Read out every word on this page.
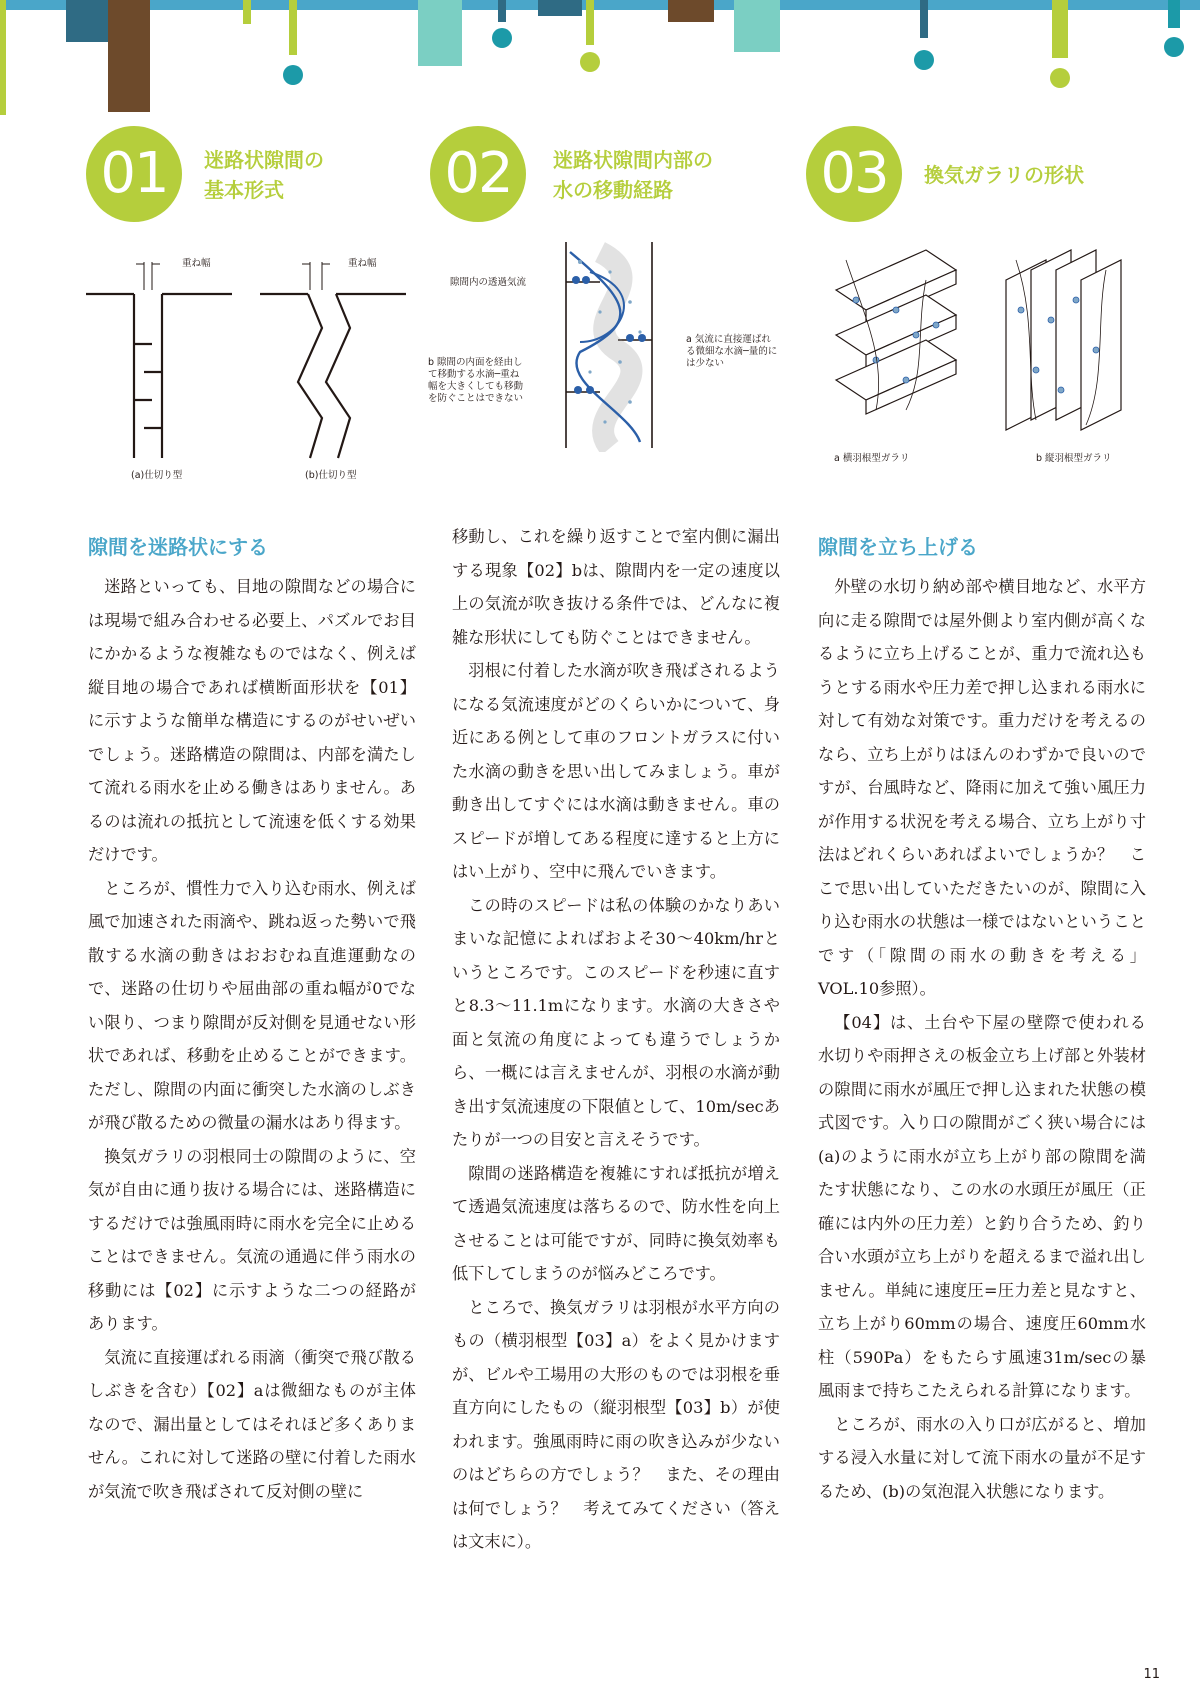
01	迷路状隙間の
基本形式	02	迷路状隙間内部の
水の移動経路	03	換気ガラリの形状
重ね幅	重ね幅
(a)仕切り型	(b)仕切り型
隙間内の透過気流
b 隙間の内面を経由して移動する水滴─重ね幅を大きくしても移動を防ぐことはできない
a 気流に直接運ばれる微細な水滴─量的には少ない
a 横羽根型ガラリ	b 縦羽根型ガラリ
隙間を迷路状にする

迷路といっても、目地の隙間などの場合には現場で組み合わせる必要上、パズルでお目にかかるような複雑なものではなく、例えば縦目地の場合であれば横断面形状を【01】に示すような簡単な構造にするのがせいぜいでしょう。迷路構造の隙間は、内部を満たして流れる雨水を止める働きはありません。あるのは流れの抵抗として流速を低くする効果だけです。

ところが、慣性力で入り込む雨水、例えば風で加速された雨滴や、跳ね返った勢いで飛散する水滴の動きはおおむね直進運動なので、迷路の仕切りや屈曲部の重ね幅が0でない限り、つまり隙間が反対側を見通せない形状であれば、移動を止めることができます。ただし、隙間の内面に衝突した水滴のしぶきが飛び散るための微量の漏水はあり得ます。

換気ガラリの羽根同士の隙間のように、空気が自由に通り抜ける場合には、迷路構造にするだけでは強風雨時に雨水を完全に止めることはできません。気流の通過に伴う雨水の移動には【02】に示すような二つの経路があります。

気流に直接運ばれる雨滴（衝突で飛び散るしぶきを含む）【02】aは微細なものが主体なので、漏出量としてはそれほど多くありません。これに対して迷路の壁に付着した雨水が気流で吹き飛ばされて反対側の壁に

移動し、これを繰り返すことで室内側に漏出する現象【02】bは、隙間内を一定の速度以上の気流が吹き抜ける条件では、どんなに複雑な形状にしても防ぐことはできません。

羽根に付着した水滴が吹き飛ばされるようになる気流速度がどのくらいかについて、身近にある例として車のフロントガラスに付いた水滴の動きを思い出してみましょう。車が動き出してすぐには水滴は動きません。車のスピードが増してある程度に達すると上方にはい上がり、空中に飛んでいきます。

この時のスピードは私の体験のかなりあいまいな記憶によればおよそ30～40km/hrというところです。このスピードを秒速に直すと8.3～11.1mになります。水滴の大きさや面と気流の角度によっても違うでしょうから、一概には言えませんが、羽根の水滴が動き出す気流速度の下限値として、10m/secあたりが一つの目安と言えそうです。

隙間の迷路構造を複雑にすれば抵抗が増えて透過気流速度は落ちるので、防水性を向上させることは可能ですが、同時に換気効率も低下してしまうのが悩みどころです。

ところで、換気ガラリは羽根が水平方向のもの（横羽根型【03】a）をよく見かけますが、ビルや工場用の大形のものでは羽根を垂直方向にしたもの（縦羽根型【03】b）が使われます。強風雨時に雨の吹き込みが少ないのはどちらの方でしょう？　また、その理由は何でしょう？　考えてみてください（答えは文末に）。

隙間を立ち上げる

外壁の水切り納め部や横目地など、水平方向に走る隙間では屋外側より室内側が高くなるように立ち上げることが、重力で流れ込もうとする雨水や圧力差で押し込まれる雨水に対して有効な対策です。重力だけを考えるのなら、立ち上がりはほんのわずかで良いのですが、台風時など、降雨に加えて強い風圧力が作用する状況を考える場合、立ち上がり寸法はどれくらいあればよいでしょうか？　ここで思い出していただきたいのが、隙間に入り込む雨水の状態は一様ではないということです（「隙間の雨水の動きを考える」VOL.10参照）。

【04】は、土台や下屋の壁際で使われる水切りや雨押さえの板金立ち上げ部と外装材の隙間に雨水が風圧で押し込まれた状態の模式図です。入り口の隙間がごく狭い場合には(a)のように雨水が立ち上がり部の隙間を満たす状態になり、この水の水頭圧が風圧（正確には内外の圧力差）と釣り合うため、釣り合い水頭が立ち上がりを超えるまで溢れ出しません。単純に速度圧=圧力差と見なすと、立ち上がり60mmの場合、速度圧60mm水柱（590Pa）をもたらす風速31m/secの暴風雨まで持ちこたえられる計算になります。

ところが、雨水の入り口が広がると、増加する浸入水量に対して流下雨水の量が不足するため、(b)の気泡混入状態になります。

11
